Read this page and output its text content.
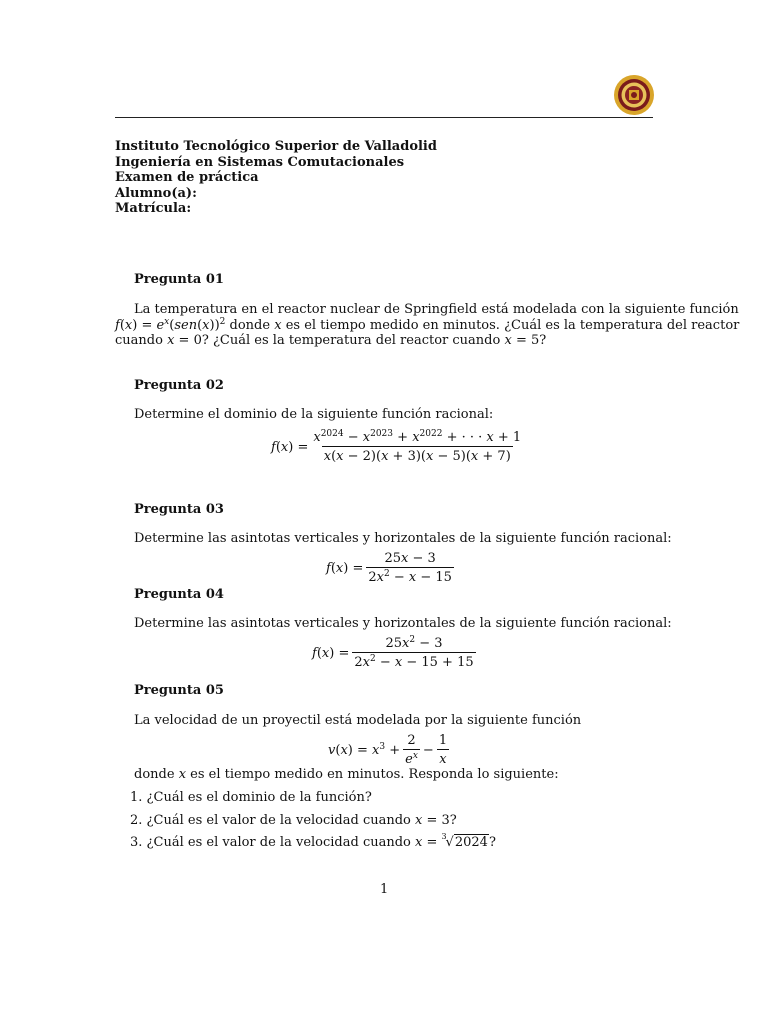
Instituto Tecnológico Superior de Valladolid
Ingeniería en Sistemas Comutacionales
Examen de práctica
Alumno(a):
Matrícula:
Pregunta 01
La temperatura en el reactor nuclear de Springfield está modelada con la siguiente función
$f(x) = e^x(sen(x))^2$ donde x es el tiempo medido en minutos. ¿Cuál es la temperatura del reactor
cuando x = 0? ¿Cuál es la temperatura del reactor cuando x = 5?
Pregunta 02
Determine el dominio de la siguiente función racional:
$f(x) = \frac{x^{2024} - x^{2023} + x^{2022} + \cdot \cdot \cdot x + 1}{x(x - 2)(x + 3)(x - 5)(x + 7)}$
Pregunta 03
Determine las asintotas verticales y horizontales de la siguiente función racional:
$f(x) = \frac{25x - 3}{2x^2 - x - 15}$
Pregunta 04
Determine las asintotas verticales y horizontales de la siguiente función racional:
$f(x) = \frac{25x^2 - 3}{2x^2 - x - 15 + 15}$
Pregunta 05
La velocidad de un proyectil está modelada por la siguiente función
$v(x) = x^3 + \frac{2}{e^x} - \frac{1}{x}$
donde x es el tiempo medido en minutos. Responda lo siguiente:
1. ¿Cuál es el dominio de la función?
2. ¿Cuál es el valor de la velocidad cuando x = 3?
3. ¿Cuál es el valor de la velocidad cuando x = 3
√2024?
1
